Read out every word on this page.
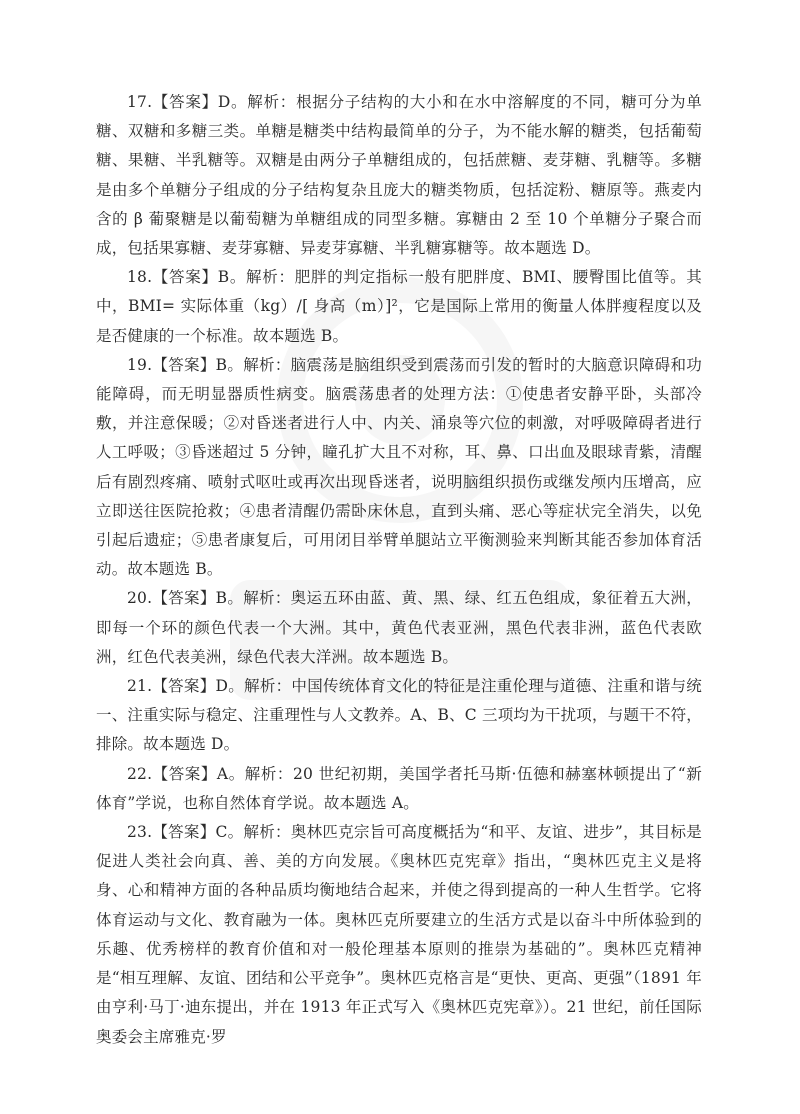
17.【答案】D。解析：根据分子结构的大小和在水中溶解度的不同，糖可分为单糖、双糖和多糖三类。单糖是糖类中结构最简单的分子，为不能水解的糖类，包括葡萄糖、果糖、半乳糖等。双糖是由两分子单糖组成的，包括蔗糖、麦芽糖、乳糖等。多糖是由多个单糖分子组成的分子结构复杂且庞大的糖类物质，包括淀粉、糖原等。燕麦内含的 β 葡聚糖是以葡萄糖为单糖组成的同型多糖。寡糖由 2 至 10 个单糖分子聚合而成，包括果寡糖、麦芽寡糖、异麦芽寡糖、半乳糖寡糖等。故本题选 D。

18.【答案】B。解析：肥胖的判定指标一般有肥胖度、BMI、腰臀围比值等。其中，BMI= 实际体重（kg）/[ 身高（m）]²，它是国际上常用的衡量人体胖瘦程度以及是否健康的一个标准。故本题选 B。

19.【答案】B。解析：脑震荡是脑组织受到震荡而引发的暂时的大脑意识障碍和功能障碍，而无明显器质性病变。脑震荡患者的处理方法：①使患者安静平卧，头部冷敷，并注意保暖；②对昏迷者进行人中、内关、涌泉等穴位的刺激，对呼吸障碍者进行人工呼吸；③昏迷超过 5 分钟，瞳孔扩大且不对称，耳、鼻、口出血及眼球青紫，清醒后有剧烈疼痛、喷射式呕吐或再次出现昏迷者，说明脑组织损伤或继发颅内压增高，应立即送往医院抢救；④患者清醒仍需卧床休息，直到头痛、恶心等症状完全消失，以免引起后遗症；⑤患者康复后，可用闭目举臂单腿站立平衡测验来判断其能否参加体育活动。故本题选 B。

20.【答案】B。解析：奥运五环由蓝、黄、黑、绿、红五色组成，象征着五大洲，即每一个环的颜色代表一个大洲。其中，黄色代表亚洲，黑色代表非洲，蓝色代表欧洲，红色代表美洲，绿色代表大洋洲。故本题选 B。

21.【答案】D。解析：中国传统体育文化的特征是注重伦理与道德、注重和谐与统一、注重实际与稳定、注重理性与人文教养。A、B、C 三项均为干扰项，与题干不符，排除。故本题选 D。

22.【答案】A。解析：20 世纪初期，美国学者托马斯·伍德和赫塞林顿提出了“新体育”学说，也称自然体育学说。故本题选 A。

23.【答案】C。解析：奥林匹克宗旨可高度概括为“和平、友谊、进步”，其目标是促进人类社会向真、善、美的方向发展。《奥林匹克宪章》指出，“奥林匹克主义是将身、心和精神方面的各种品质均衡地结合起来，并使之得到提高的一种人生哲学。它将体育运动与文化、教育融为一体。奥林匹克所要建立的生活方式是以奋斗中所体验到的乐趣、优秀榜样的教育价值和对一般伦理基本原则的推崇为基础的”。奥林匹克精神是“相互理解、友谊、团结和公平竞争”。奥林匹克格言是“更快、更高、更强”（1891 年由亨利·马丁·迪东提出，并在 1913 年正式写入《奥林匹克宪章》）。21 世纪，前任国际奥委会主席雅克·罗
